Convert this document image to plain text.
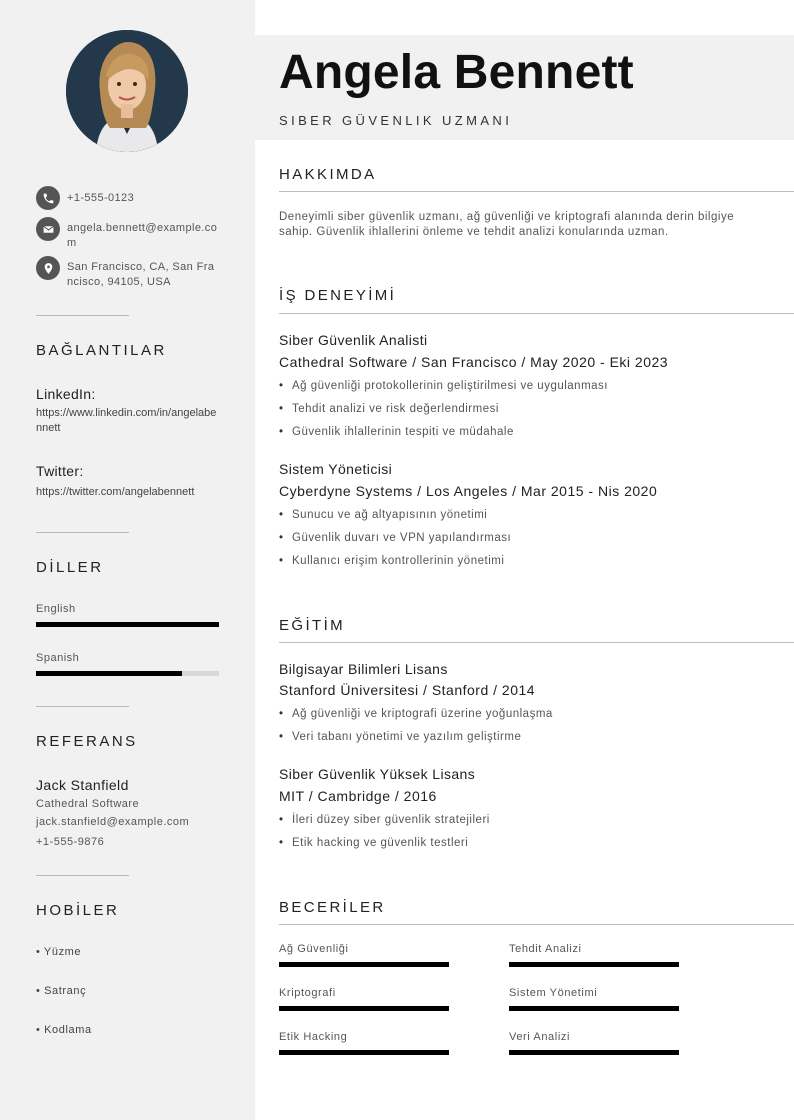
+1-555-0123
angela.bennett@example.com
San Francisco, CA, San Francisco, 94105, USA
BAĞLANTILAR
LinkedIn:
https://www.linkedin.com/in/angelabennett
Twitter:
https://twitter.com/angelabennett
DİLLER
English
Spanish
REFERANS
Jack Stanfield
Cathedral Software
jack.stanfield@example.com
+1-555-9876
HOBİLER
• Yüzme
• Satranç
• Kodlama
Angela Bennett
SIBER GÜVENLIK UZMANI
HAKKIMDA
Deneyimli siber güvenlik uzmanı, ağ güvenliği ve kriptografi alanında derin bilgiye sahip. Güvenlik ihlallerini önleme ve tehdit analizi konularında uzman.
İŞ DENEYİMİ
Siber Güvenlik Analisti
Cathedral Software / San Francisco / May 2020 - Eki 2023
• Ağ güvenliği protokollerinin geliştirilmesi ve uygulanması
• Tehdit analizi ve risk değerlendirmesi
• Güvenlik ihlallerinin tespiti ve müdahale
Sistem Yöneticisi
Cyberdyne Systems / Los Angeles / Mar 2015 - Nis 2020
• Sunucu ve ağ altyapısının yönetimi
• Güvenlik duvarı ve VPN yapılandırması
• Kullanıcı erişim kontrollerinin yönetimi
EĞİTİM
Bilgisayar Bilimleri Lisans
Stanford Üniversitesi / Stanford / 2014
• Ağ güvenliği ve kriptografi üzerine yoğunlaşma
• Veri tabanı yönetimi ve yazılım geliştirme
Siber Güvenlik Yüksek Lisans
MIT / Cambridge / 2016
• İleri düzey siber güvenlik stratejileri
• Etik hacking ve güvenlik testleri
BECERİLER
Ağ Güvenliği	Tehdit Analizi
Kriptografi	Sistem Yönetimi
Etik Hacking	Veri Analizi
